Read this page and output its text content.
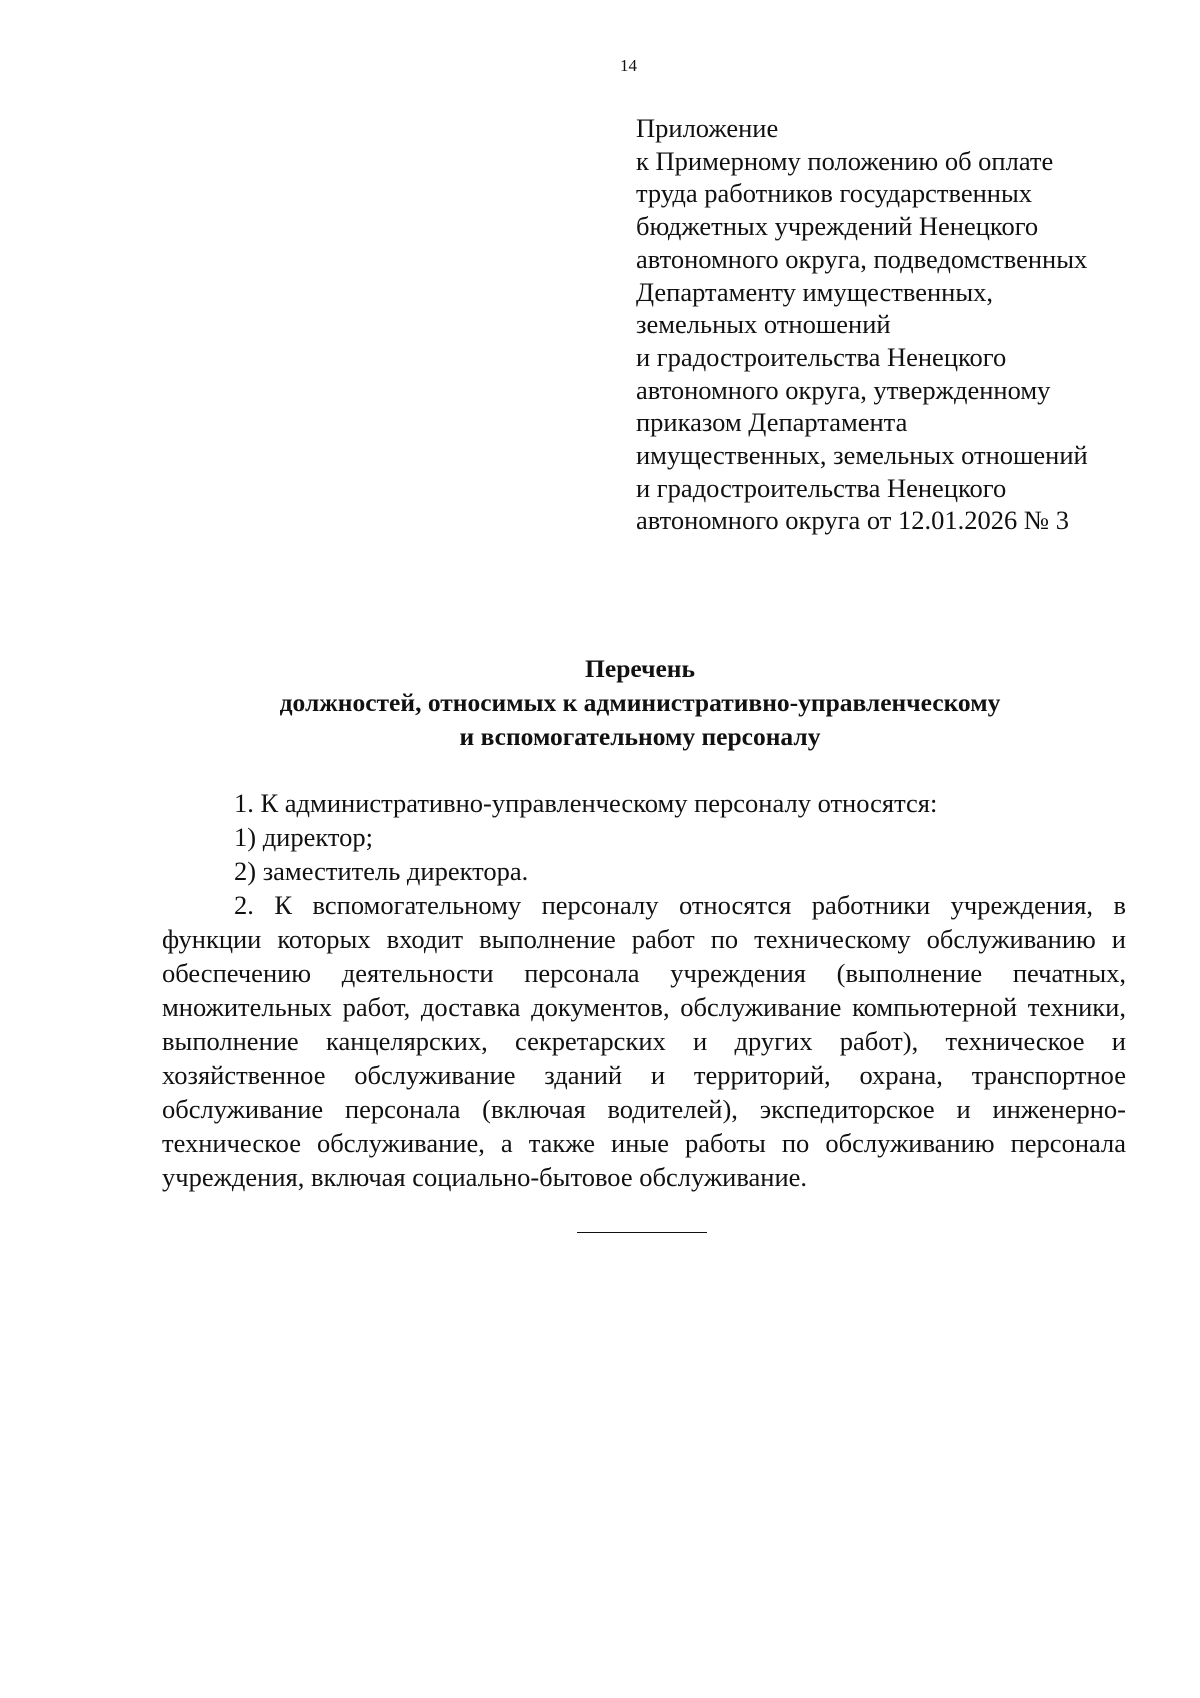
14
Приложение
к Примерному положению об оплате
труда работников государственных
бюджетных учреждений Ненецкого
автономного округа, подведомственных
Департаменту имущественных,
земельных отношений
и градостроительства Ненецкого
автономного округа, утвержденному
приказом Департамента
имущественных, земельных отношений
и градостроительства Ненецкого
автономного округа от 12.01.2026 № 3
Перечень
должностей, относимых к административно-управленческому
и вспомогательному персоналу
1. К административно-управленческому персоналу относятся:
1) директор;
2) заместитель директора.
2. К вспомогательному персоналу относятся работники учреждения, в функции которых входит выполнение работ по техническому обслуживанию и обеспечению деятельности персонала учреждения (выполнение печатных, множительных работ, доставка документов, обслуживание компьютерной техники, выполнение канцелярских, секретарских и других работ), техническое и хозяйственное обслуживание зданий и территорий, охрана, транспортное обслуживание персонала (включая водителей), экспедиторское и инженерно-техническое обслуживание, а также иные работы по обслуживанию персонала учреждения, включая социально-бытовое обслуживание.
